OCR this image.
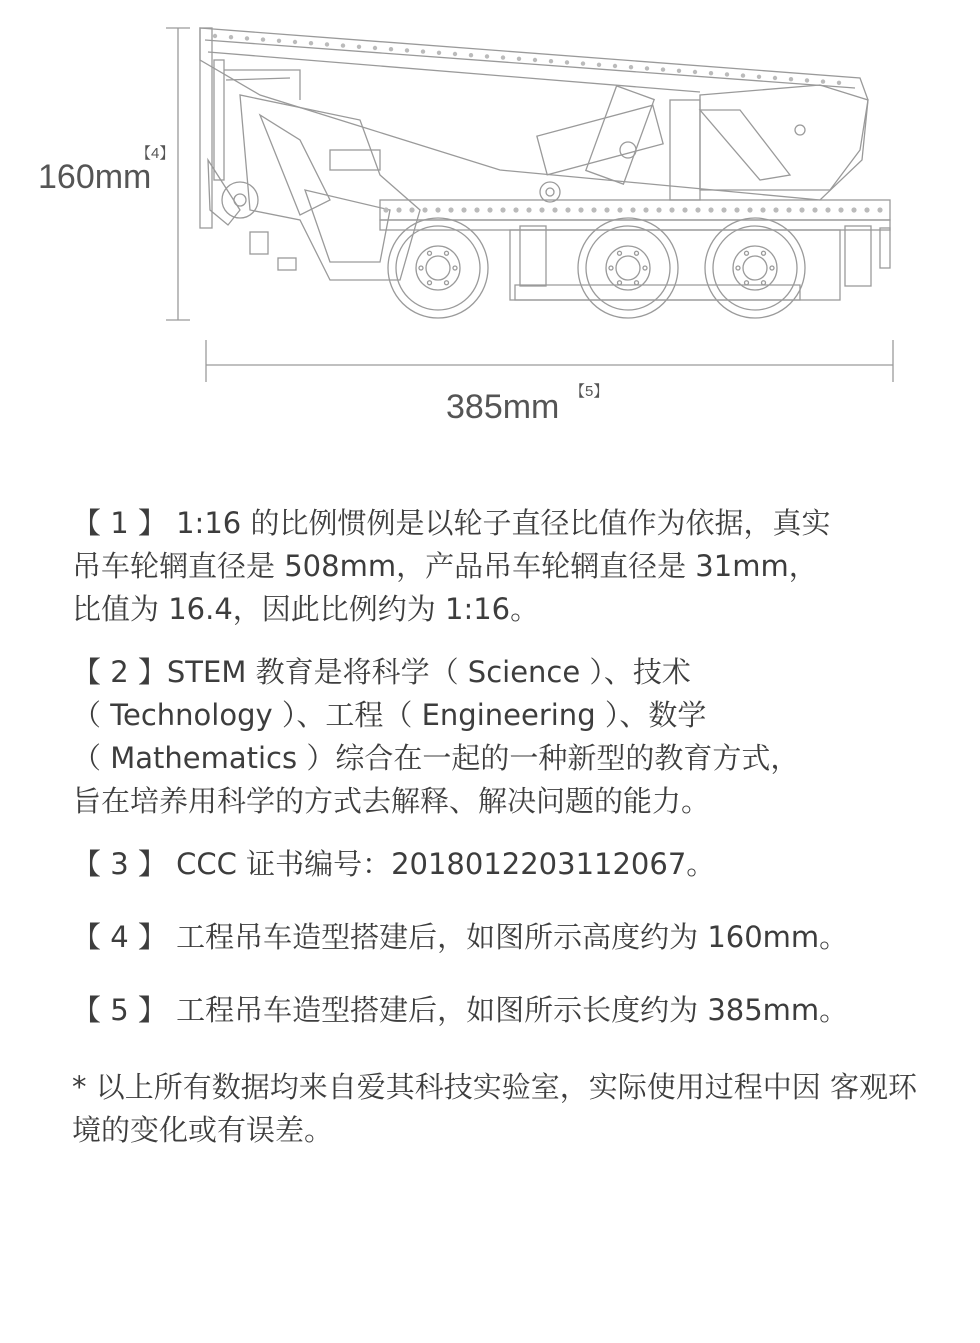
【4】
160mm
385mm 【5】

【 1 】 1:16 的比例惯例是以轮子直径比值作为依据，真实
吊车轮辋直径是 508mm，产品吊车轮辋直径是 31mm，
比值为 16.4，因此比例约为 1:16。

【 2 】STEM 教育是将科学（ Science ）、技术
（ Technology ）、工程（ Engineering ）、数学
（ Mathematics ）综合在一起的一种新型的教育方式，
旨在培养用科学的方式去解释、解决问题的能力。

【 3 】 CCC 证书编号：2018012203112067。

【 4 】 工程吊车造型搭建后，如图所示高度约为 160mm。

【 5 】 工程吊车造型搭建后，如图所示长度约为 385mm。

* 以上所有数据均来自爱其科技实验室，实际使用过程中因 客观环境的变化或有误差。
